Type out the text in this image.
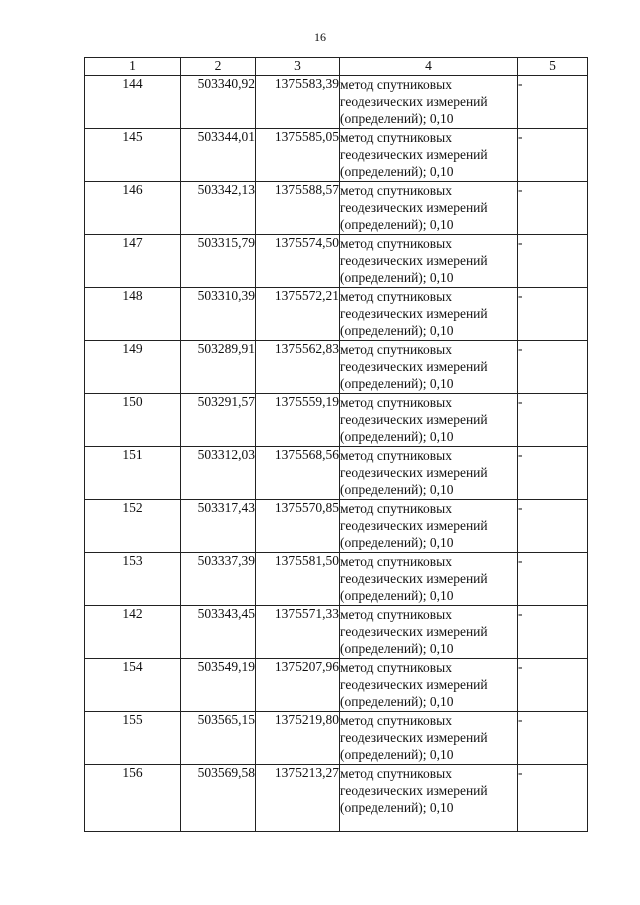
16
1	2	3	4	5
144	503340,92	1375583,39	метод спутниковых геодезических измерений (определений); 0,10	-
145	503344,01	1375585,05	метод спутниковых геодезических измерений (определений); 0,10	-
146	503342,13	1375588,57	метод спутниковых геодезических измерений (определений); 0,10	-
147	503315,79	1375574,50	метод спутниковых геодезических измерений (определений); 0,10	-
148	503310,39	1375572,21	метод спутниковых геодезических измерений (определений); 0,10	-
149	503289,91	1375562,83	метод спутниковых геодезических измерений (определений); 0,10	-
150	503291,57	1375559,19	метод спутниковых геодезических измерений (определений); 0,10	-
151	503312,03	1375568,56	метод спутниковых геодезических измерений (определений); 0,10	-
152	503317,43	1375570,85	метод спутниковых геодезических измерений (определений); 0,10	-
153	503337,39	1375581,50	метод спутниковых геодезических измерений (определений); 0,10	-
142	503343,45	1375571,33	метод спутниковых геодезических измерений (определений); 0,10	-
154	503549,19	1375207,96	метод спутниковых геодезических измерений (определений); 0,10	-
155	503565,15	1375219,80	метод спутниковых геодезических измерений (определений); 0,10	-
156	503569,58	1375213,27	метод спутниковых геодезических измерений (определений); 0,10	-
